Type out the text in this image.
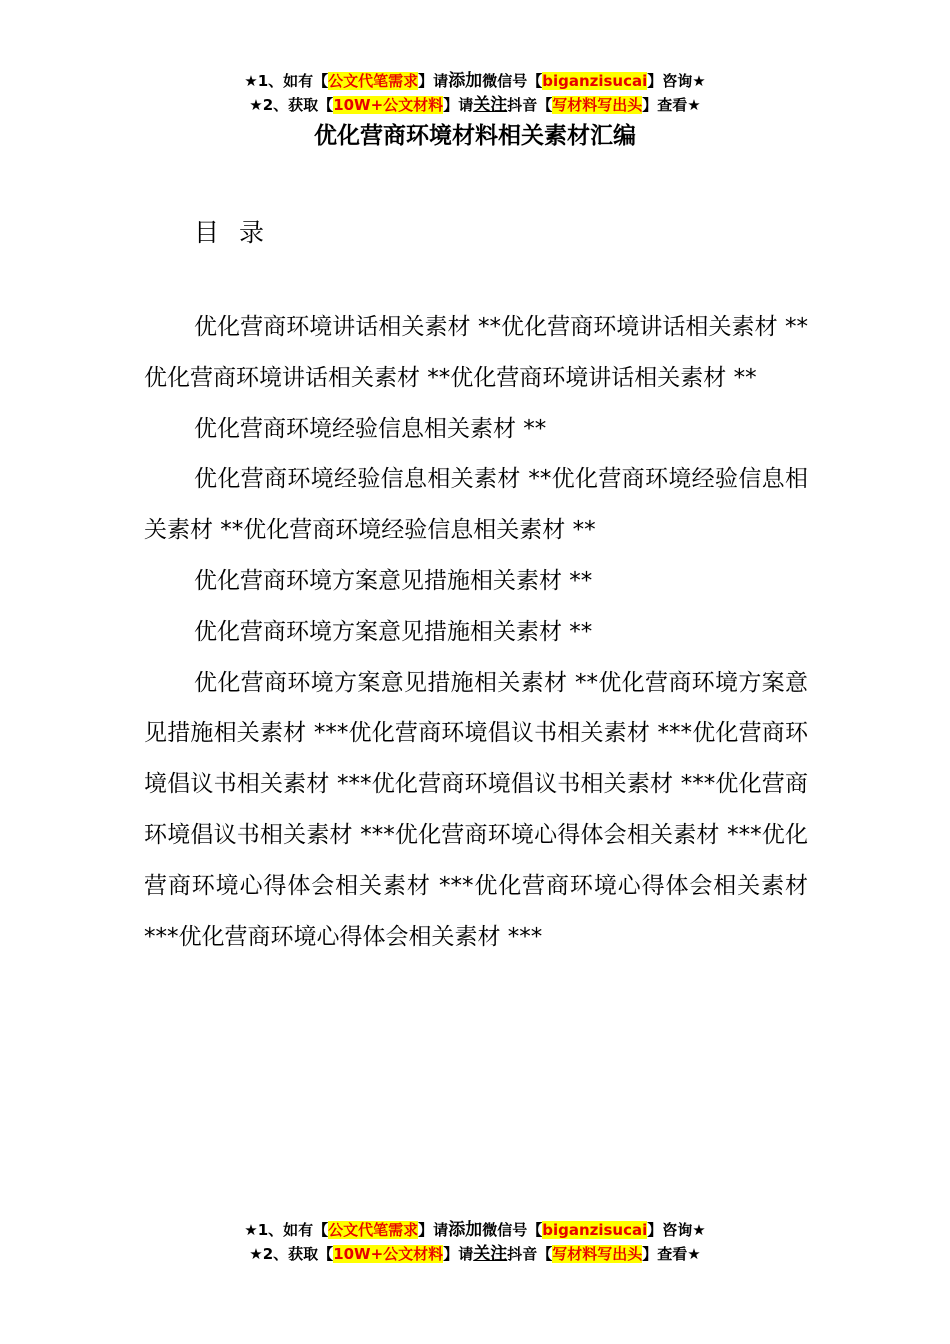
★1、如有【公文代笔需求】请添加微信号【biganzisucai】咨询★
★2、获取【10W+公文材料】请关注抖音【写材料写出头】查看★
优化营商环境材料相关素材汇编
目录

优化营商环境讲话相关素材 **优化营商环境讲话相关素材 **优化营商环境讲话相关素材 **优化营商环境讲话相关素材 **

优化营商环境经验信息相关素材 **

优化营商环境经验信息相关素材 **优化营商环境经验信息相关素材 **优化营商环境经验信息相关素材 **

优化营商环境方案意见措施相关素材 **

优化营商环境方案意见措施相关素材 **

优化营商环境方案意见措施相关素材 **优化营商环境方案意见措施相关素材 ***优化营商环境倡议书相关素材 ***优化营商环境倡议书相关素材 ***优化营商环境倡议书相关素材 ***优化营商环境倡议书相关素材 ***优化营商环境心得体会相关素材 ***优化营商环境心得体会相关素材 ***优化营商环境心得体会相关素材 ***优化营商环境心得体会相关素材 ***

★1、如有【公文代笔需求】请添加微信号【biganzisucai】咨询★
★2、获取【10W+公文材料】请关注抖音【写材料写出头】查看★
